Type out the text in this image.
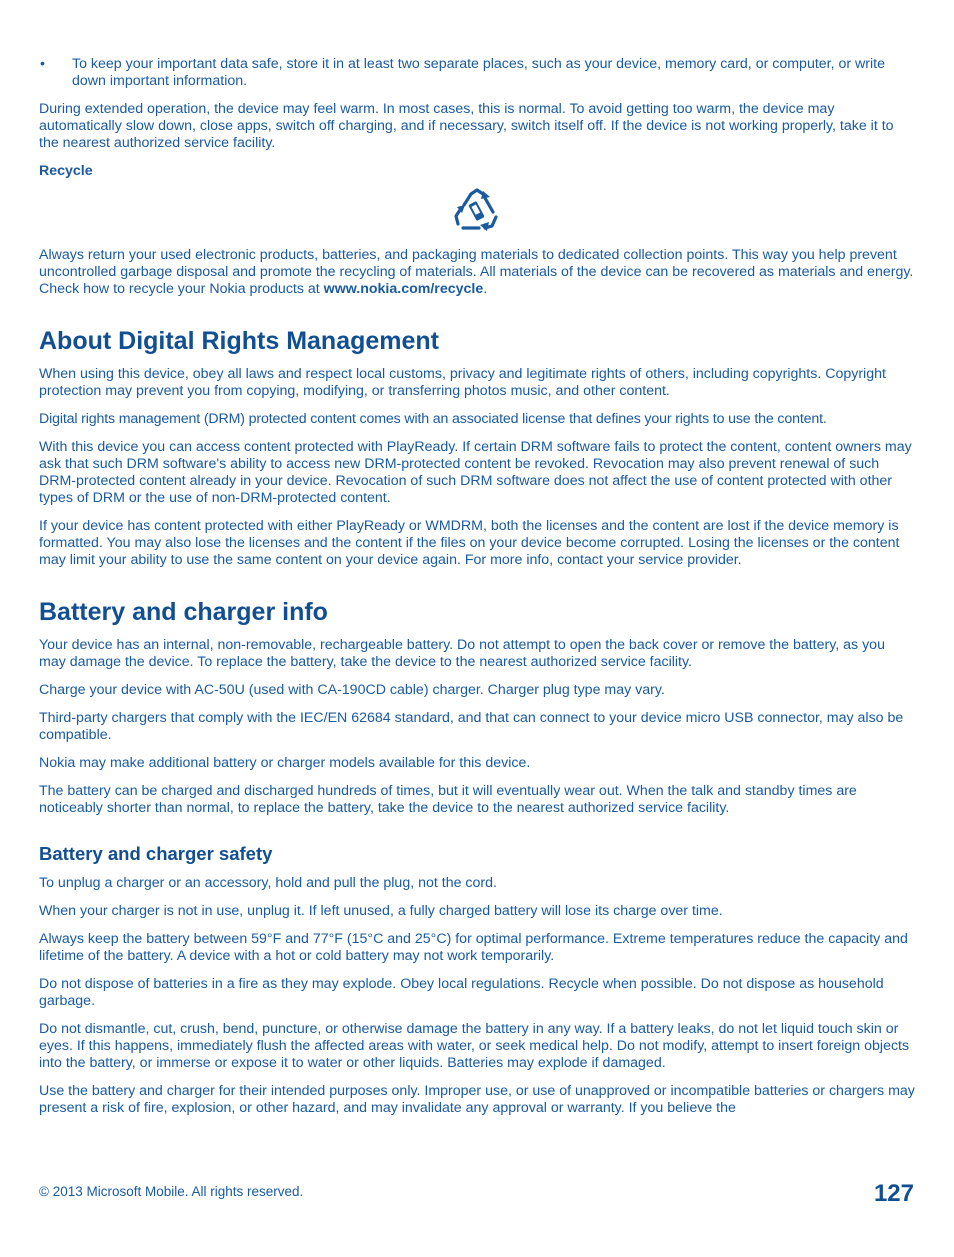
•	To keep your important data safe, store it in at least two separate places, such as your device, memory card, or computer, or write down important information.

During extended operation, the device may feel warm. In most cases, this is normal. To avoid getting too warm, the device may automatically slow down, close apps, switch off charging, and if necessary, switch itself off. If the device is not working properly, take it to the nearest authorized service facility.

Recycle

Always return your used electronic products, batteries, and packaging materials to dedicated collection points. This way you help prevent uncontrolled garbage disposal and promote the recycling of materials. All materials of the device can be recovered as materials and energy. Check how to recycle your Nokia products at www.nokia.com/recycle.

About Digital Rights Management

When using this device, obey all laws and respect local customs, privacy and legitimate rights of others, including copyrights. Copyright protection may prevent you from copying, modifying, or transferring photos music, and other content.

Digital rights management (DRM) protected content comes with an associated license that defines your rights to use the content.

With this device you can access content protected with PlayReady. If certain DRM software fails to protect the content, content owners may ask that such DRM software's ability to access new DRM-protected content be revoked. Revocation may also prevent renewal of such DRM-protected content already in your device. Revocation of such DRM software does not affect the use of content protected with other types of DRM or the use of non-DRM-protected content.

If your device has content protected with either PlayReady or WMDRM, both the licenses and the content are lost if the device memory is formatted. You may also lose the licenses and the content if the files on your device become corrupted. Losing the licenses or the content may limit your ability to use the same content on your device again. For more info, contact your service provider.

Battery and charger info

Your device has an internal, non-removable, rechargeable battery. Do not attempt to open the back cover or remove the battery, as you may damage the device. To replace the battery, take the device to the nearest authorized service facility.

Charge your device with AC-50U (used with CA-190CD cable) charger. Charger plug type may vary.

Third-party chargers that comply with the IEC/EN 62684 standard, and that can connect to your device micro USB connector, may also be compatible.

Nokia may make additional battery or charger models available for this device.

The battery can be charged and discharged hundreds of times, but it will eventually wear out. When the talk and standby times are noticeably shorter than normal, to replace the battery, take the device to the nearest authorized service facility.

Battery and charger safety

To unplug a charger or an accessory, hold and pull the plug, not the cord.

When your charger is not in use, unplug it. If left unused, a fully charged battery will lose its charge over time.

Always keep the battery between 59°F and 77°F (15°C and 25°C) for optimal performance. Extreme temperatures reduce the capacity and lifetime of the battery. A device with a hot or cold battery may not work temporarily.

Do not dispose of batteries in a fire as they may explode. Obey local regulations. Recycle when possible. Do not dispose as household garbage.

Do not dismantle, cut, crush, bend, puncture, or otherwise damage the battery in any way. If a battery leaks, do not let liquid touch skin or eyes. If this happens, immediately flush the affected areas with water, or seek medical help. Do not modify, attempt to insert foreign objects into the battery, or immerse or expose it to water or other liquids. Batteries may explode if damaged.

Use the battery and charger for their intended purposes only. Improper use, or use of unapproved or incompatible batteries or chargers may present a risk of fire, explosion, or other hazard, and may invalidate any approval or warranty. If you believe the

© 2013 Microsoft Mobile. All rights reserved.	127
